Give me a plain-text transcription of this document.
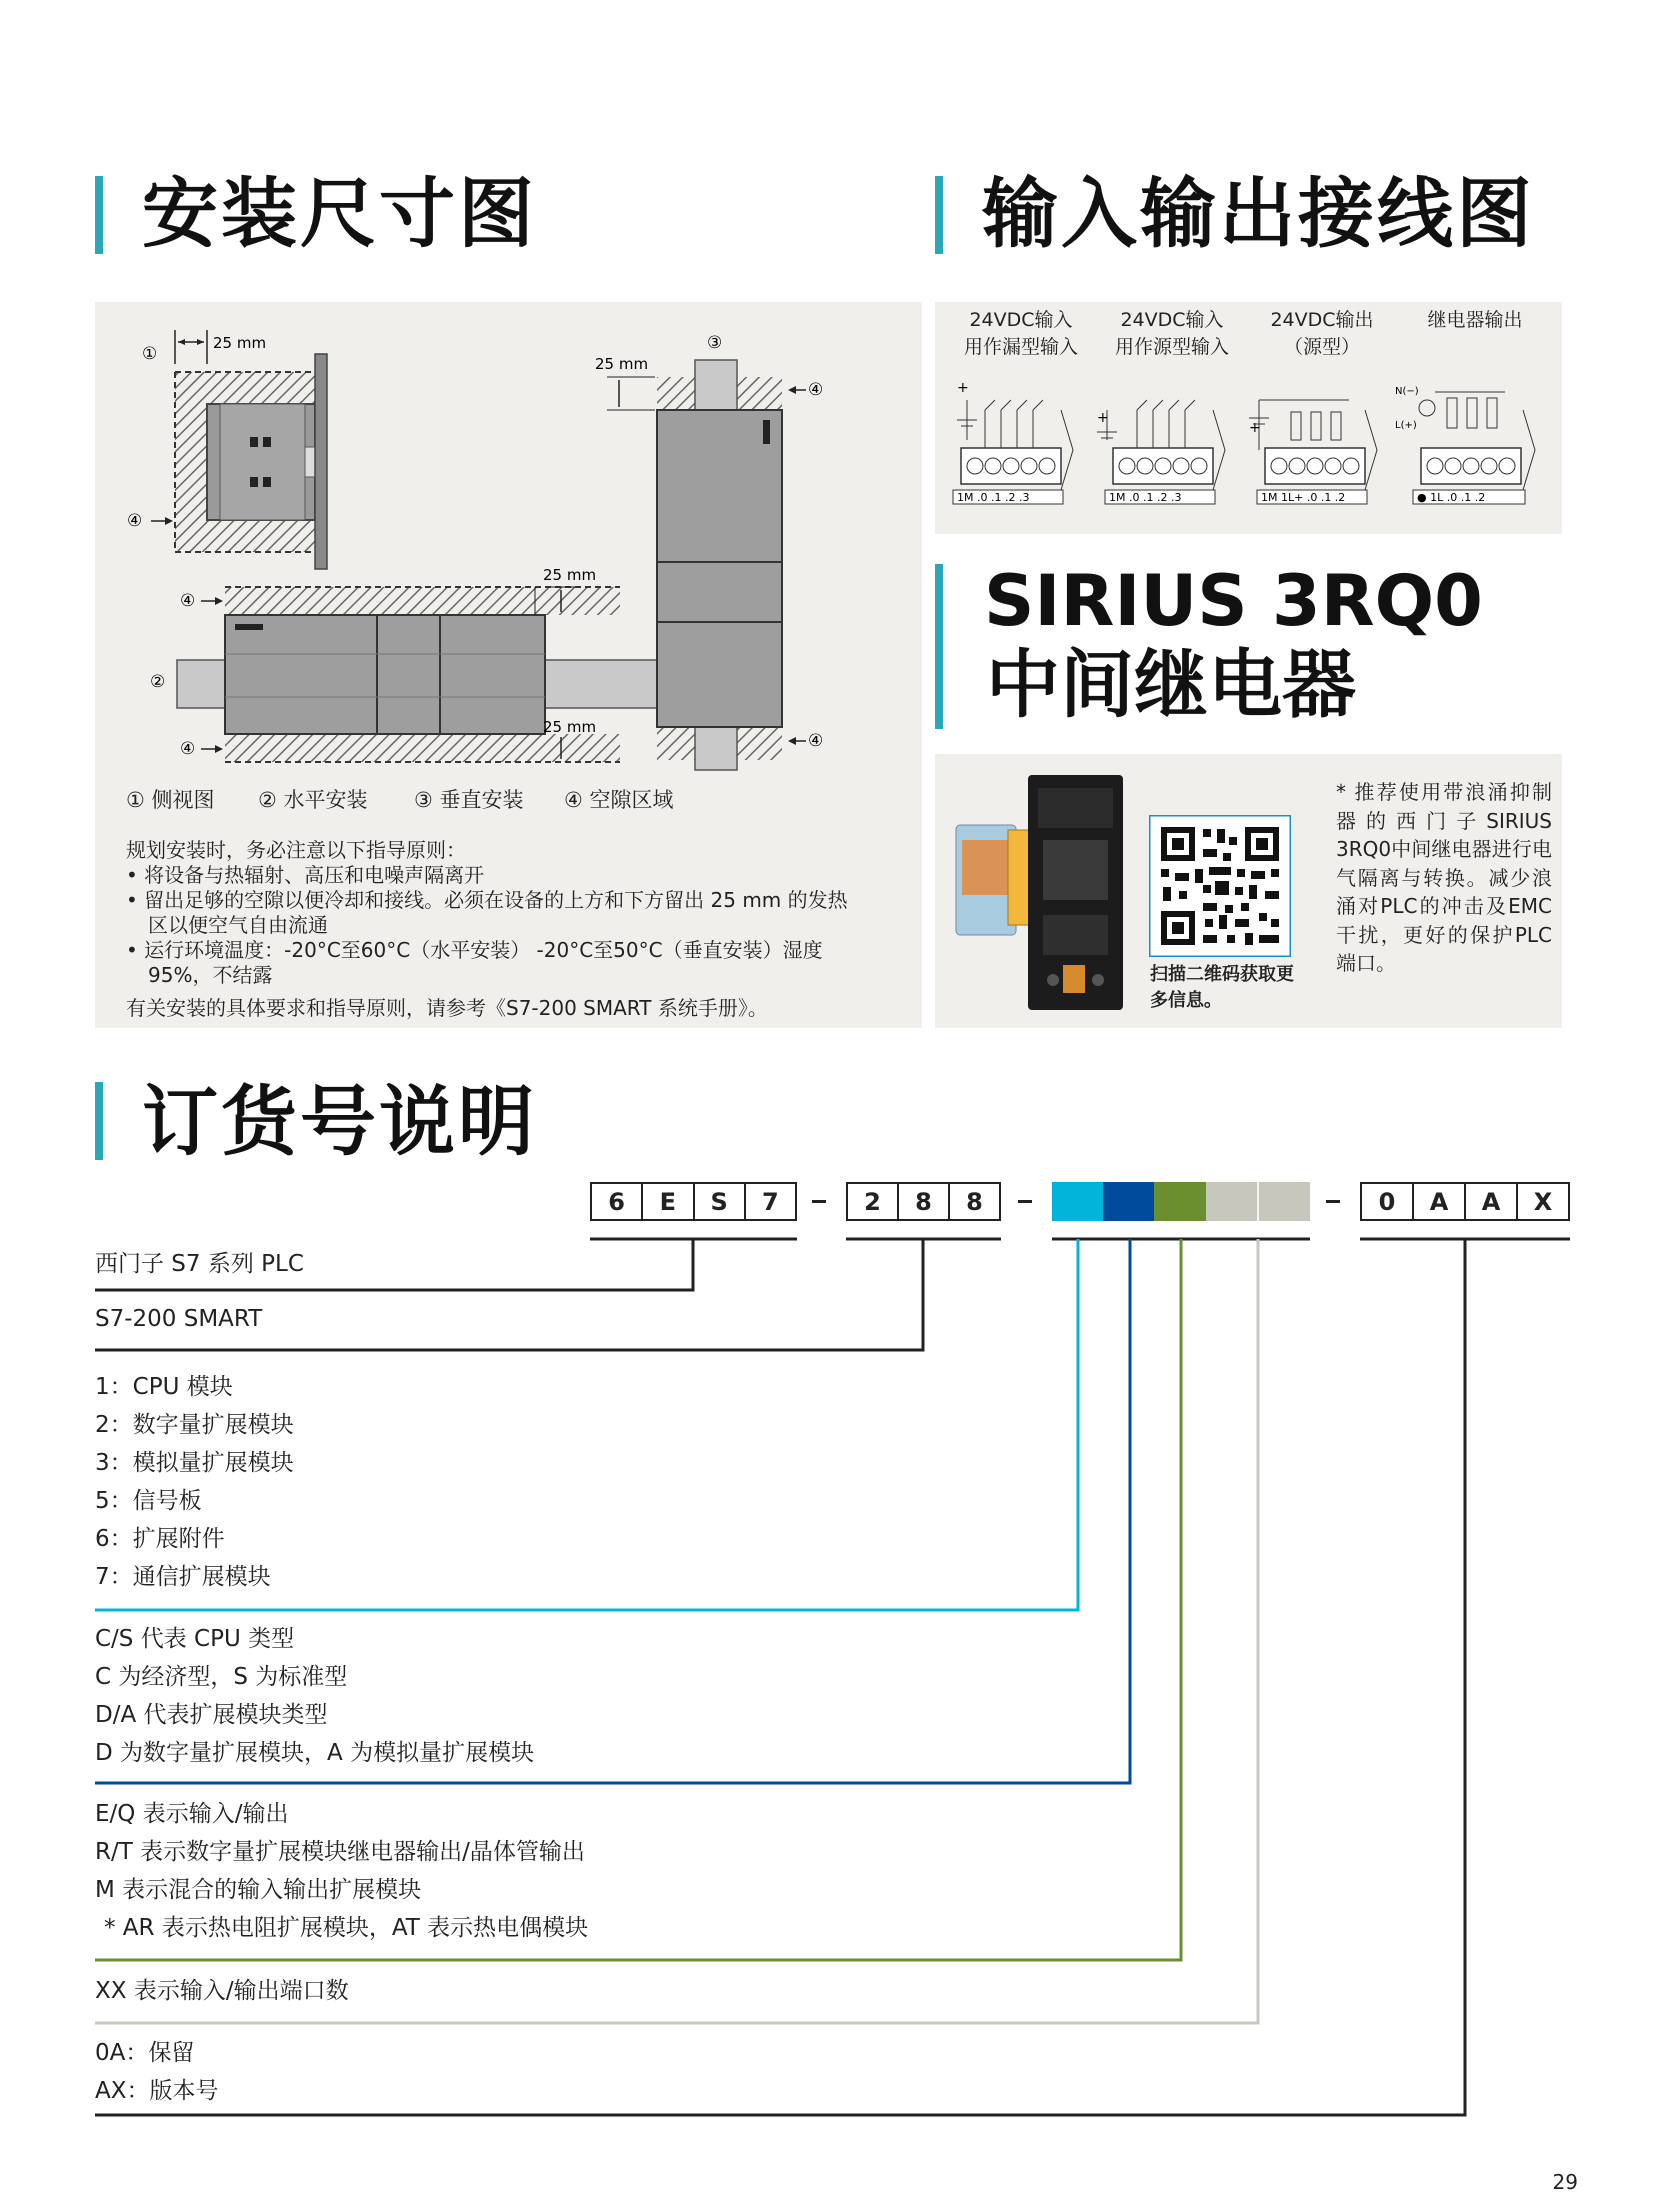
安装尺寸图	输入输出接线图
25 mm
①
④
25 mm
25 mm
④
②
④
25 mm
③
④
④
① 侧视图 ② 水平安装 ③ 垂直安装 ④ 空隙区域
规划安装时，务必注意以下指导原则：
• 将设备与热辐射、高压和电噪声隔离开
• 留出足够的空隙以便冷却和接线。必须在设备的上方和下方留出 25 mm 的发热区以便空气自由流通
• 运行环境温度：-20°C至60°C（水平安装） -20°C至50°C（垂直安装）湿度95%，不结露
有关安装的具体要求和指导原则，请参考《S7-200 SMART 系统手册》。
24VDC输入
用作漏型输入
24VDC输入
用作源型输入
24VDC输出
（源型）
继电器输出
+
1M .0 .1 .2 .3
+
1M .0 .1 .2 .3
+
1M 1L+ .0 .1 .2
N(−)
L(+)
● 1L .0 .1 .2
SIRIUS 3RQ0
中间继电器
扫描二维码获取更多信息。
* 推荐使用带浪涌抑制器的西门子SIRIUS 3RQ0中间继电器进行电气隔离与转换。减少浪涌对PLC的冲击及EMC干扰，更好的保护PLC端口。
订货号说明
6	E	S	7	2	8	8	0	A	A	X
西门子 S7 系列 PLC
S7-200 SMART
1：CPU 模块
2：数字量扩展模块
3：模拟量扩展模块
5：信号板
6：扩展附件
7：通信扩展模块
C/S 代表 CPU 类型
C 为经济型，S 为标准型
D/A 代表扩展模块类型
D 为数字量扩展模块，A 为模拟量扩展模块
E/Q 表示输入/输出
R/T 表示数字量扩展模块继电器输出/晶体管输出
M 表示混合的输入输出扩展模块
* AR 表示热电阻扩展模块，AT 表示热电偶模块
XX 表示输入/输出端口数
0A：保留
AX：版本号
29
